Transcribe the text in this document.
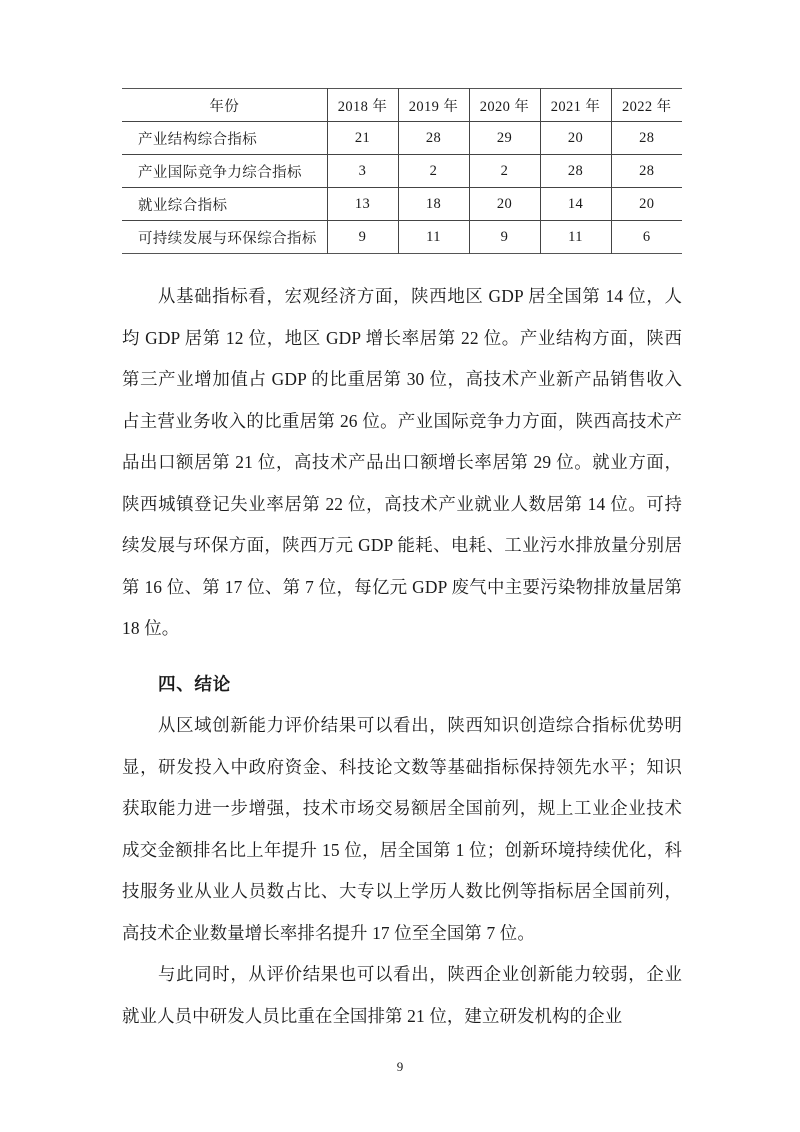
年份	2018 年	2019 年	2020 年	2021 年	2022 年
产业结构综合指标	21	28	29	20	28
产业国际竞争力综合指标	3	2	2	28	28
就业综合指标	13	18	20	14	20
可持续发展与环保综合指标	9	11	9	11	6

从基础指标看，宏观经济方面，陕西地区 GDP 居全国第 14 位，人均 GDP 居第 12 位，地区 GDP 增长率居第 22 位。产业结构方面，陕西第三产业增加值占 GDP 的比重居第 30 位，高技术产业新产品销售收入占主营业务收入的比重居第 26 位。产业国际竞争力方面，陕西高技术产品出口额居第 21 位，高技术产品出口额增长率居第 29 位。就业方面，陕西城镇登记失业率居第 22 位，高技术产业就业人数居第 14 位。可持续发展与环保方面，陕西万元 GDP 能耗、电耗、工业污水排放量分别居第 16 位、第 17 位、第 7 位，每亿元 GDP 废气中主要污染物排放量居第 18 位。

四、结论

从区域创新能力评价结果可以看出，陕西知识创造综合指标优势明显，研发投入中政府资金、科技论文数等基础指标保持领先水平；知识获取能力进一步增强，技术市场交易额居全国前列，规上工业企业技术成交金额排名比上年提升 15 位，居全国第 1 位；创新环境持续优化，科技服务业从业人员数占比、大专以上学历人数比例等指标居全国前列，高技术企业数量增长率排名提升 17 位至全国第 7 位。

与此同时，从评价结果也可以看出，陕西企业创新能力较弱，企业就业人员中研发人员比重在全国排第 21 位，建立研发机构的企业

9
